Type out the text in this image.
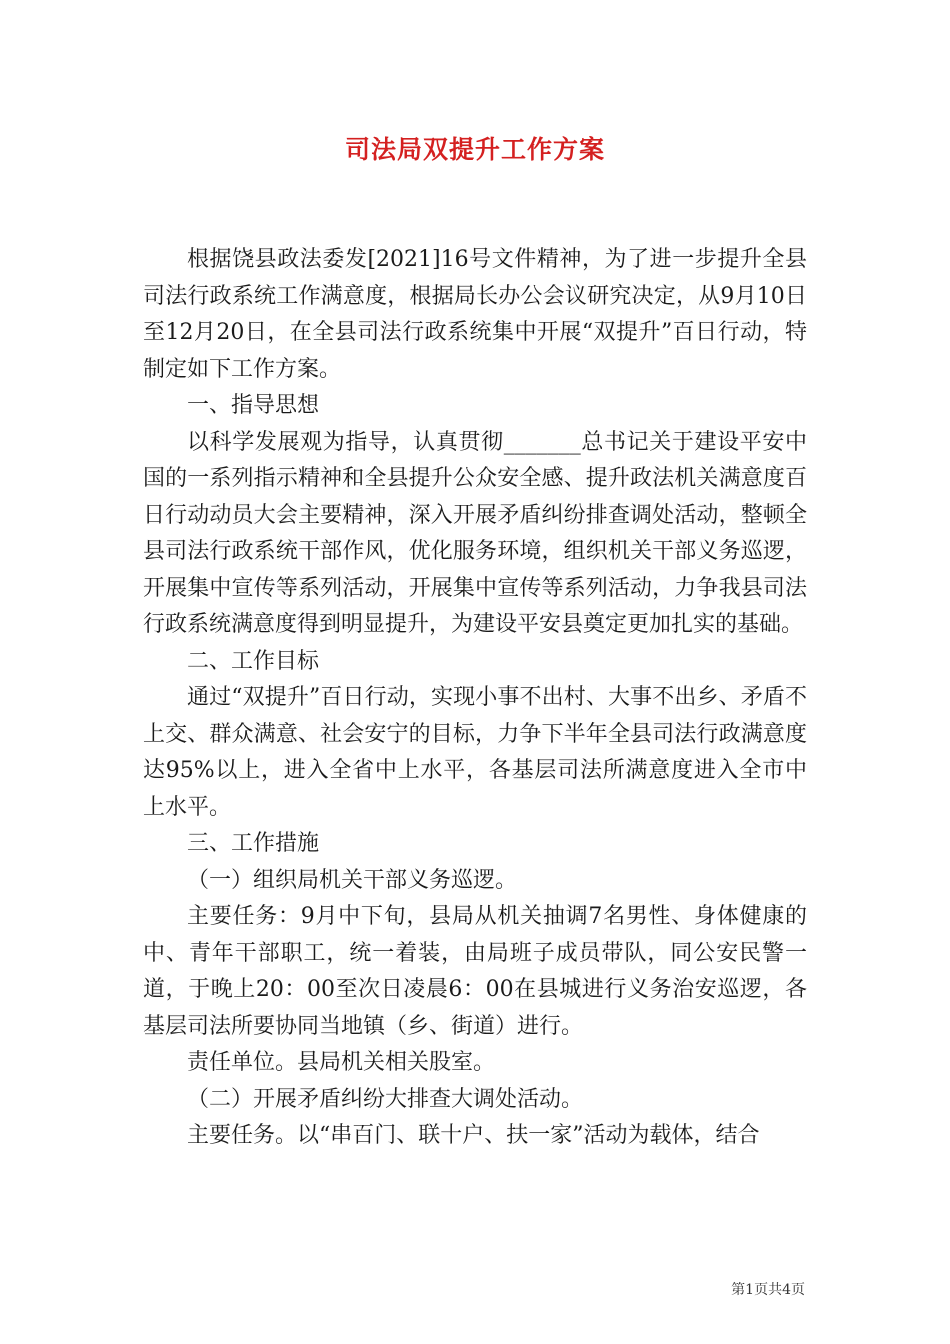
司法局双提升工作方案

根据饶县政法委发[2021]16号文件精神，为了进一步提升全县司法行政系统工作满意度，根据局长办公会议研究决定，从9月10日至12月20日，在全县司法行政系统集中开展“双提升”百日行动，特制定如下工作方案。

一、指导思想

以科学发展观为指导，认真贯彻_______总书记关于建设平安中国的一系列指示精神和全县提升公众安全感、提升政法机关满意度百日行动动员大会主要精神，深入开展矛盾纠纷排查调处活动，整顿全县司法行政系统干部作风，优化服务环境，组织机关干部义务巡逻，开展集中宣传等系列活动，开展集中宣传等系列活动，力争我县司法行政系统满意度得到明显提升，为建设平安县奠定更加扎实的基础。

二、工作目标

通过“双提升”百日行动，实现小事不出村、大事不出乡、矛盾不上交、群众满意、社会安宁的目标，力争下半年全县司法行政满意度达95%以上，进入全省中上水平，各基层司法所满意度进入全市中上水平。

三、工作措施

（一）组织局机关干部义务巡逻。

主要任务：9月中下旬，县局从机关抽调7名男性、身体健康的中、青年干部职工，统一着装，由局班子成员带队，同公安民警一道，于晚上20：00至次日凌晨6：00在县城进行义务治安巡逻，各基层司法所要协同当地镇（乡、街道）进行。

责任单位。县局机关相关股室。

（二）开展矛盾纠纷大排查大调处活动。

主要任务。以“串百门、联十户、扶一家”活动为载体，结合

第1页共4页
